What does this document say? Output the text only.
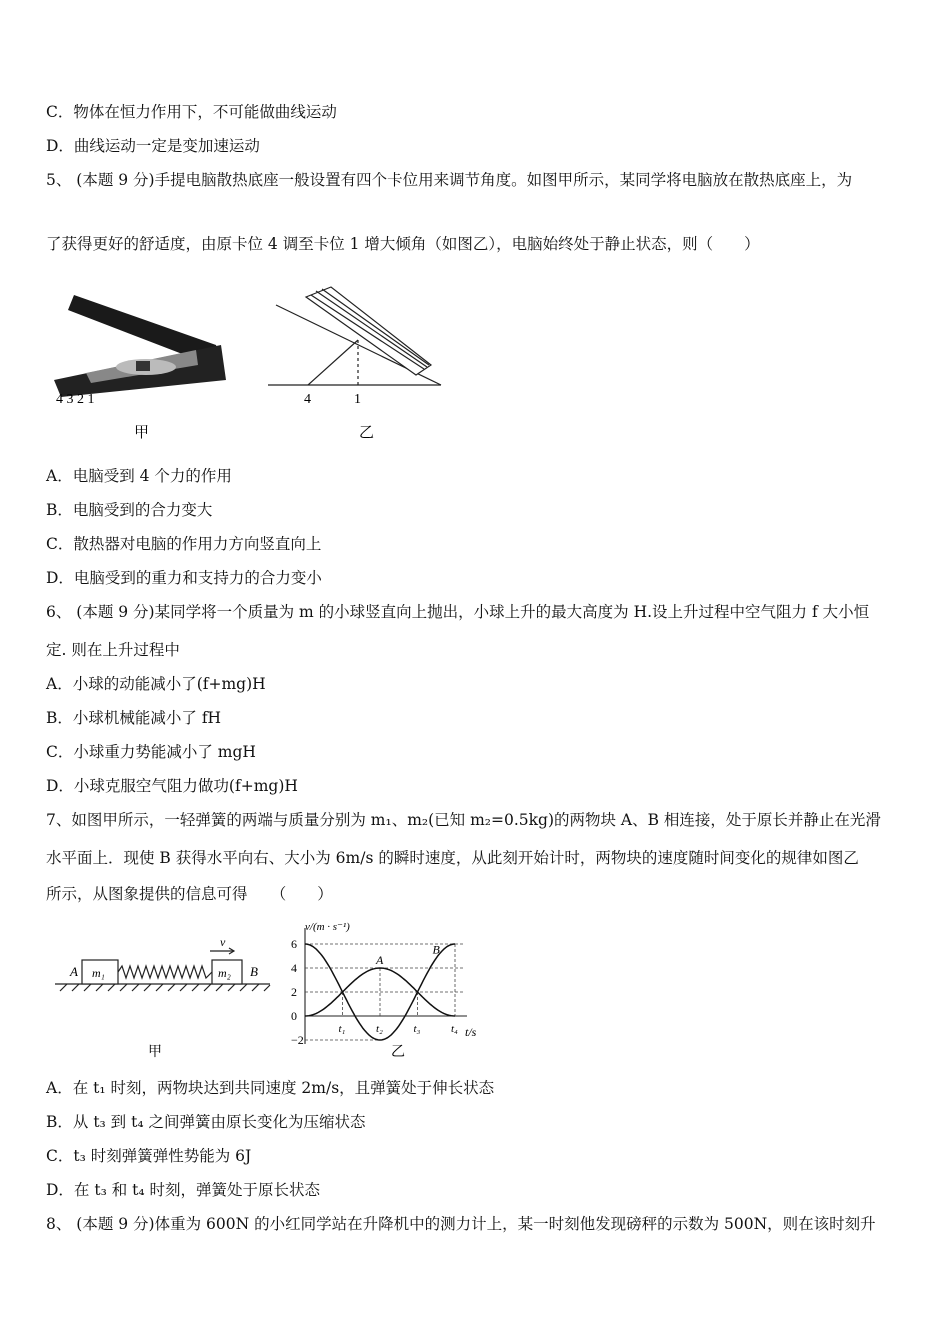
C．物体在恒力作用下，不可能做曲线运动
D．曲线运动一定是变加速运动
5、 (本题 9 分)手提电脑散热底座一般设置有四个卡位用来调节角度。如图甲所示，某同学将电脑放在散热底座上，为
了获得更好的舒适度，由原卡位 4 调至卡位 1 增大倾角（如图乙），电脑始终处于静止状态，则（　　）
4 3 2 1
甲
4	1
乙
A．电脑受到 4 个力的作用
B．电脑受到的合力变大
C．散热器对电脑的作用力方向竖直向上
D．电脑受到的重力和支持力的合力变小
6、 (本题 9 分)某同学将一个质量为 m 的小球竖直向上抛出，小球上升的最大高度为 H.设上升过程中空气阻力 f 大小恒
定. 则在上升过程中
A．小球的动能减小了(f+mg)H
B．小球机械能减小了 fH
C．小球重力势能减小了 mgH
D．小球克服空气阻力做功(f+mg)H
7、如图甲所示，一轻弹簧的两端与质量分别为 m₁、m₂(已知 m₂=0.5kg)的两物块 A、B 相连接，处于原长并静止在光滑
水平面上．现使 B 获得水平向右、大小为 6m/s 的瞬时速度，从此刻开始计时，两物块的速度随时间变化的规律如图乙
所示，从图象提供的信息可得　　（　　）
A	B
m₁	m₂
v
甲
6
4
2
0
−2
t₁	t₂	t₃	t₄
A
B
v/(m · s⁻¹)
t/s
乙
A．在 t₁ 时刻，两物块达到共同速度 2m/s，且弹簧处于伸长状态
B．从 t₃ 到 t₄ 之间弹簧由原长变化为压缩状态
C．t₃ 时刻弹簧弹性势能为 6J
D．在 t₃ 和 t₄ 时刻，弹簧处于原长状态
8、 (本题 9 分)体重为 600N 的小红同学站在升降机中的测力计上，某一时刻他发现磅秤的示数为 500N，则在该时刻升
